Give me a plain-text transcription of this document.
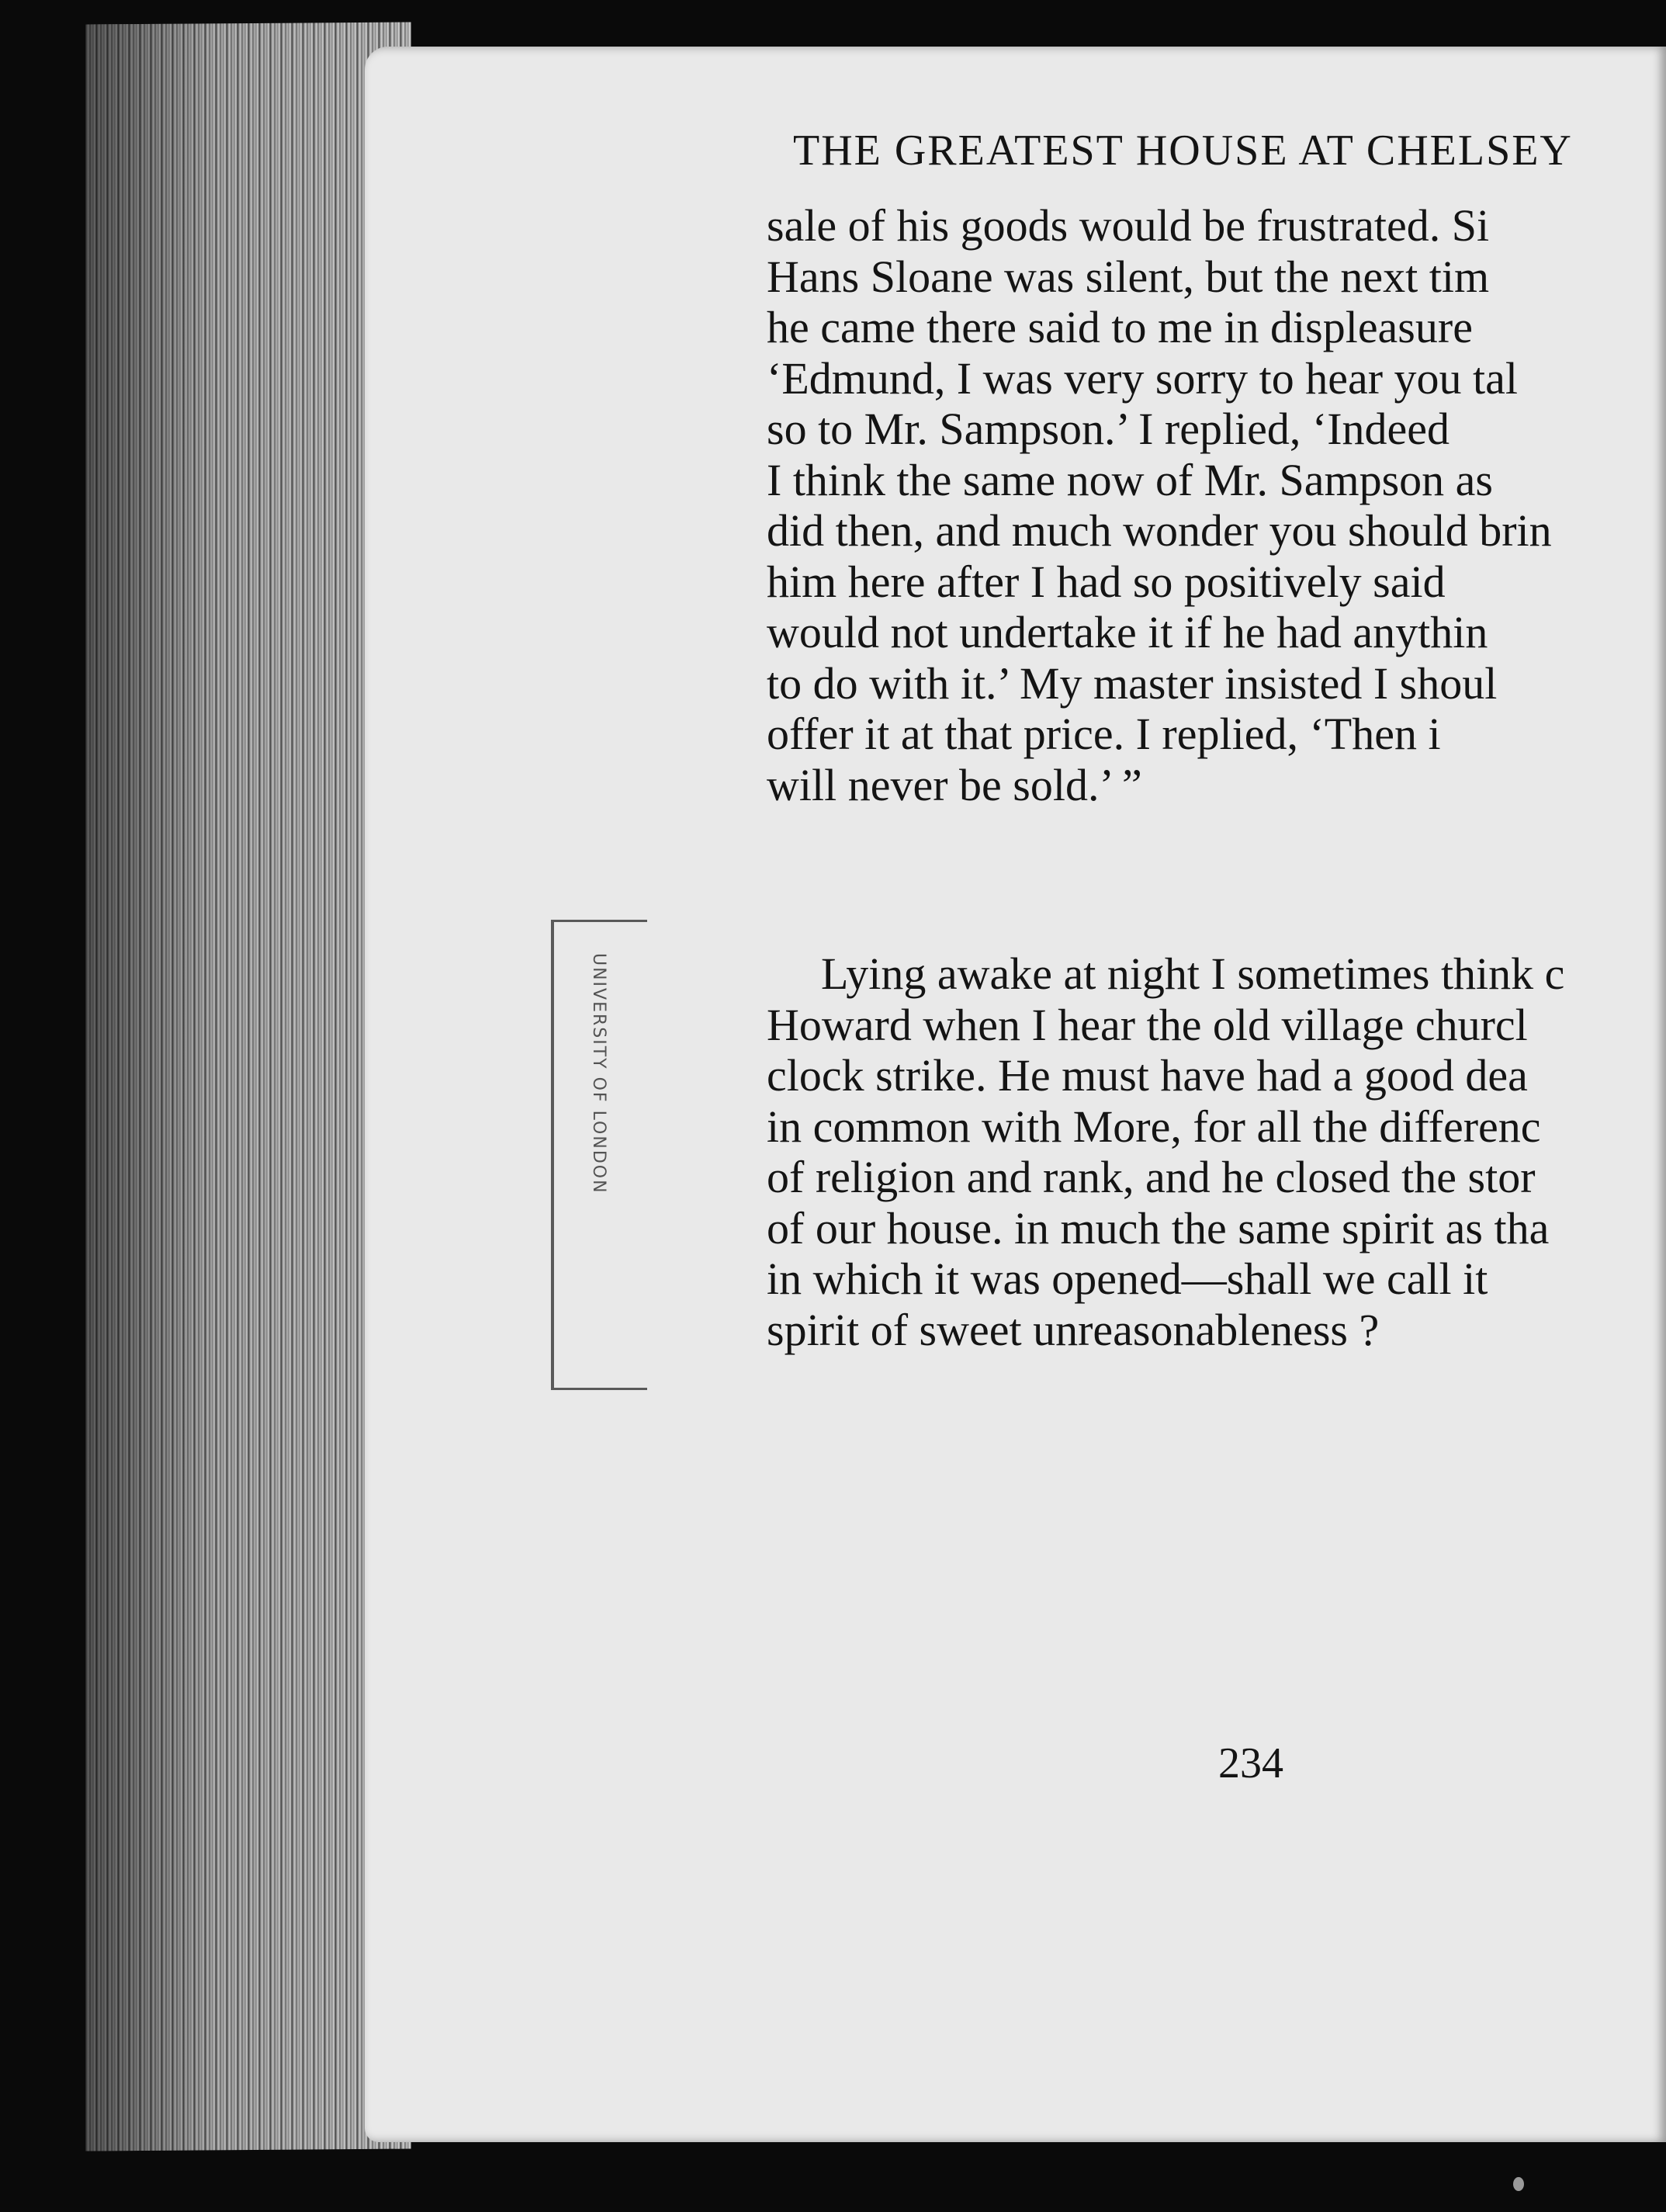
UNIVERSITY OF LONDON
THE GREATEST HOUSE AT CHELSEY
sale of his goods would be frustrated. Si
Hans Sloane was silent, but the next tim
he came there said to me in displeasure
‘Edmund, I was very sorry to hear you tal
so to Mr. Sampson.’ I replied, ‘Indeed
I think the same now of Mr. Sampson as
did then, and much wonder you should brin
him here after I had so positively said
would not undertake it if he had anythin
to do with it.’ My master insisted I shoul
offer it at that price. I replied, ‘Then i
will never be sold.’ ”
Lying awake at night I sometimes think c
Howard when I hear the old village churcl
clock strike. He must have had a good dea
in common with More, for all the differenc
of religion and rank, and he closed the stor
of our house. in much the same spirit as tha
in which it was opened—shall we call it
spirit of sweet unreasonableness ?
234
